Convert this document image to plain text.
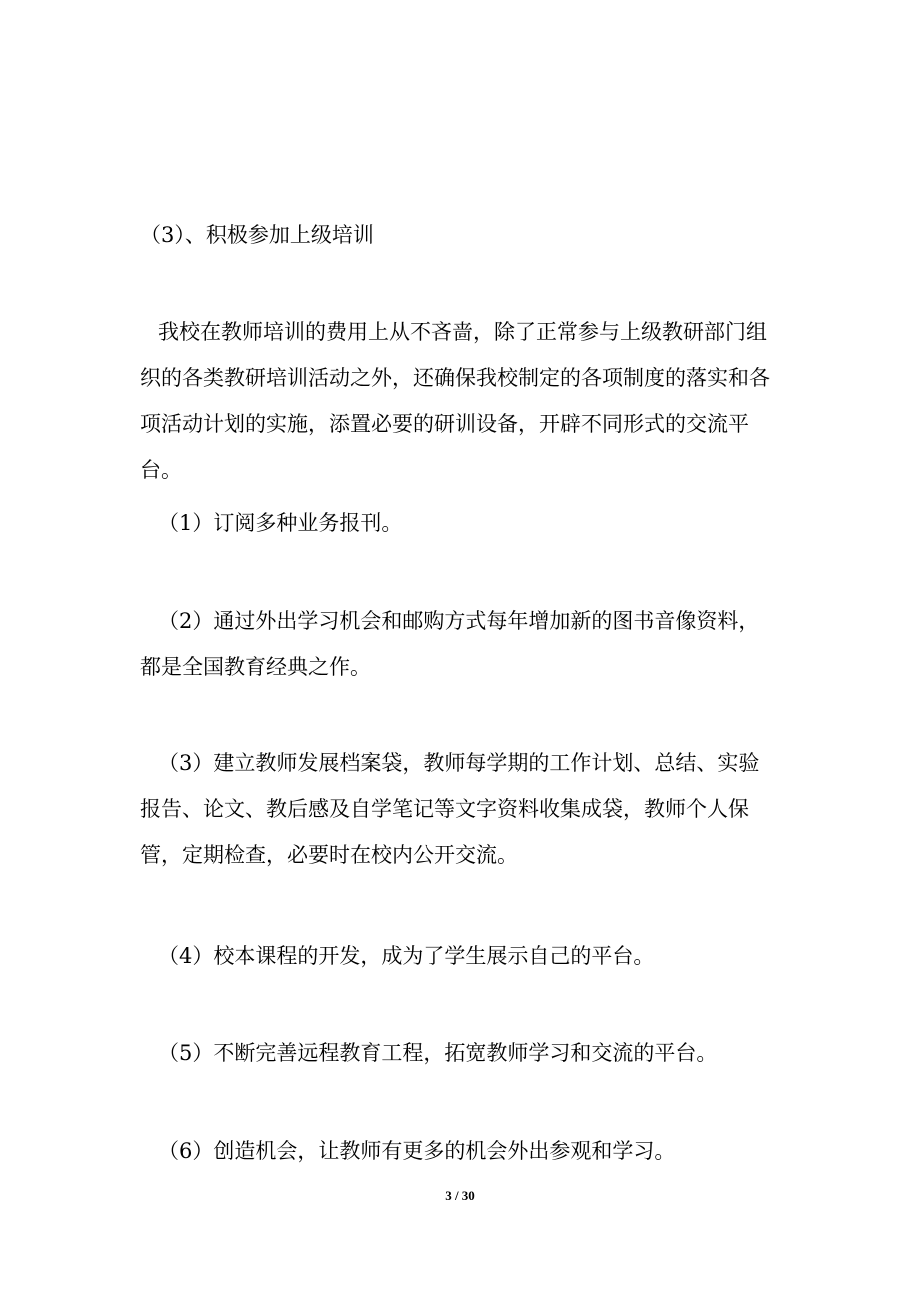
（3）、积极参加上级培训

我校在教师培训的费用上从不吝啬，除了正常参与上级教研部门组织的各类教研培训活动之外，还确保我校制定的各项制度的落实和各项活动计划的实施，添置必要的研训设备，开辟不同形式的交流平台。

（1）订阅多种业务报刊。

（2）通过外出学习机会和邮购方式每年增加新的图书音像资料，都是全国教育经典之作。

（3）建立教师发展档案袋，教师每学期的工作计划、总结、实验报告、论文、教后感及自学笔记等文字资料收集成袋，教师个人保管，定期检查，必要时在校内公开交流。

（4）校本课程的开发，成为了学生展示自己的平台。

（5）不断完善远程教育工程，拓宽教师学习和交流的平台。

（6）创造机会，让教师有更多的机会外出参观和学习。

3 / 30
